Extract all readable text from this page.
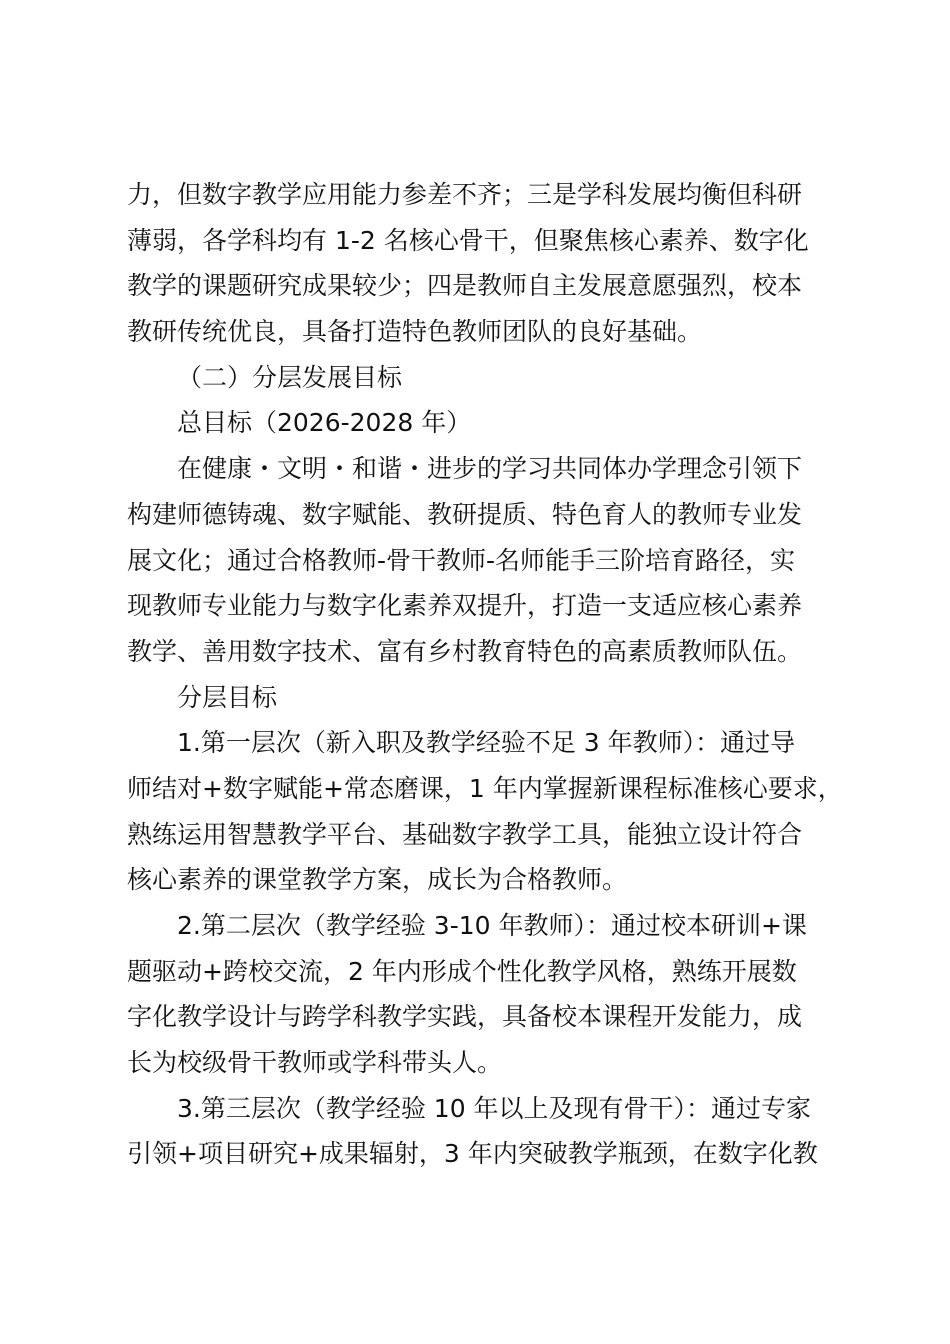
力，但数字教学应用能力参差不齐；三是学科发展均衡但科研
薄弱，各学科均有 1-2 名核心骨干，但聚焦核心素养、数字化
教学的课题研究成果较少；四是教师自主发展意愿强烈，校本
教研传统优良，具备打造特色教师团队的良好基础。
（二）分层发展目标
总目标（2026-2028 年）
在健康・文明・和谐・进步的学习共同体办学理念引领下
构建师德铸魂、数字赋能、教研提质、特色育人的教师专业发
展文化；通过合格教师-骨干教师-名师能手三阶培育路径，实
现教师专业能力与数字化素养双提升，打造一支适应核心素养
教学、善用数字技术、富有乡村教育特色的高素质教师队伍。
分层目标
1.第一层次（新入职及教学经验不足 3 年教师）：通过导
师结对+数字赋能+常态磨课，1 年内掌握新课程标准核心要求，
熟练运用智慧教学平台、基础数字教学工具，能独立设计符合
核心素养的课堂教学方案，成长为合格教师。
2.第二层次（教学经验 3-10 年教师）：通过校本研训+课
题驱动+跨校交流，2 年内形成个性化教学风格，熟练开展数
字化教学设计与跨学科教学实践，具备校本课程开发能力，成
长为校级骨干教师或学科带头人。
3.第三层次（教学经验 10 年以上及现有骨干）：通过专家
引领+项目研究+成果辐射，3 年内突破教学瓶颈，在数字化教
